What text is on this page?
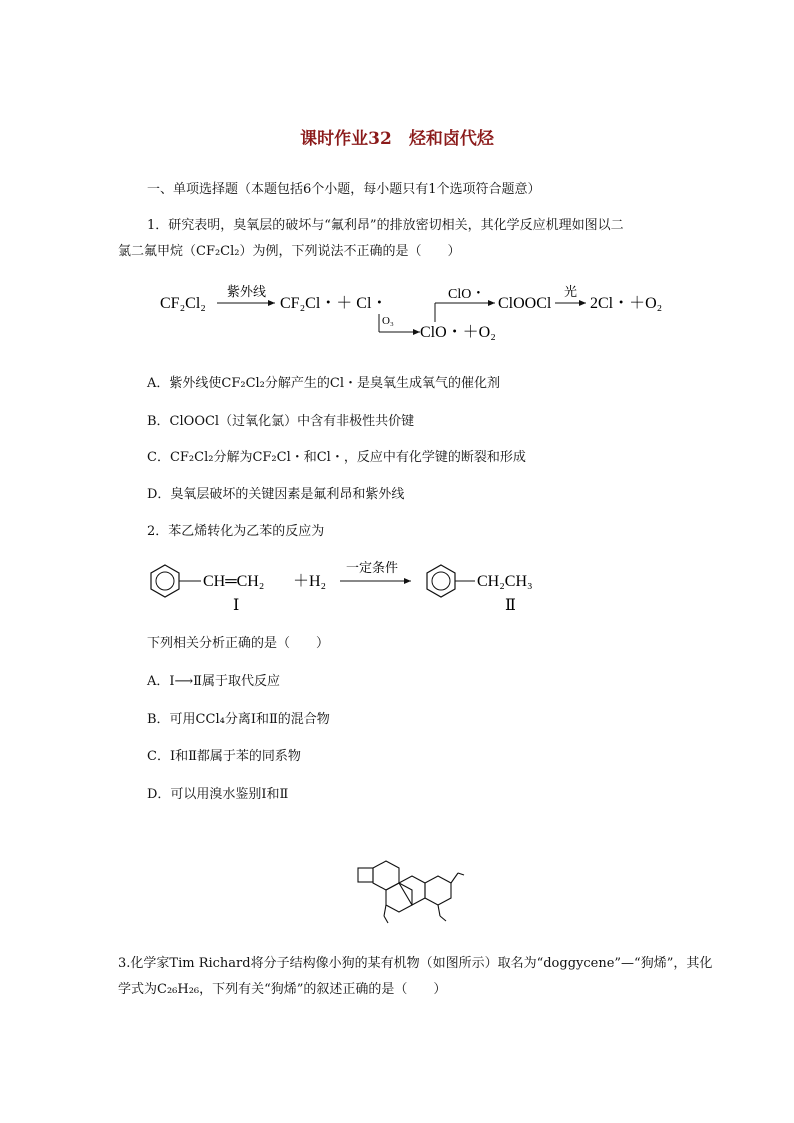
课时作业32　烃和卤代烃
一、单项选择题（本题包括6个小题，每小题只有1个选项符合题意）
1．研究表明，臭氧层的破坏与“氟利昂”的排放密切相关，其化学反应机理如图以二
氯二氟甲烷（CF₂Cl₂）为例，下列说法不正确的是（　　）
CF₂Cl₂
紫外线
CF₂Cl・＋ Cl・
O₃
ClO・＋O₂
ClO・
ClOOCl
光
2Cl・＋O₂
A．紫外线使CF₂Cl₂分解产生的Cl・是臭氧生成氧气的催化剂
B．ClOOCl（过氧化氯）中含有非极性共价键
C．CF₂Cl₂分解为CF₂Cl・和Cl・，反应中有化学键的断裂和形成
D．臭氧层破坏的关键因素是氟利昂和紫外线
2．苯乙烯转化为乙苯的反应为
CH═CH₂
Ⅰ
＋H₂
一定条件
CH₂CH₃
Ⅱ
下列相关分析正确的是（　　）
A．Ⅰ⟶Ⅱ属于取代反应
B．可用CCl₄分离Ⅰ和Ⅱ的混合物
C．Ⅰ和Ⅱ都属于苯的同系物
D．可以用溴水鉴别Ⅰ和Ⅱ
3.化学家Tim Richard将分子结构像小狗的某有机物（如图所示）取名为“doggycene”—“狗烯”，其化学式为C₂₆H₂₆，下列有关“狗烯”的叙述正确的是（　　）
